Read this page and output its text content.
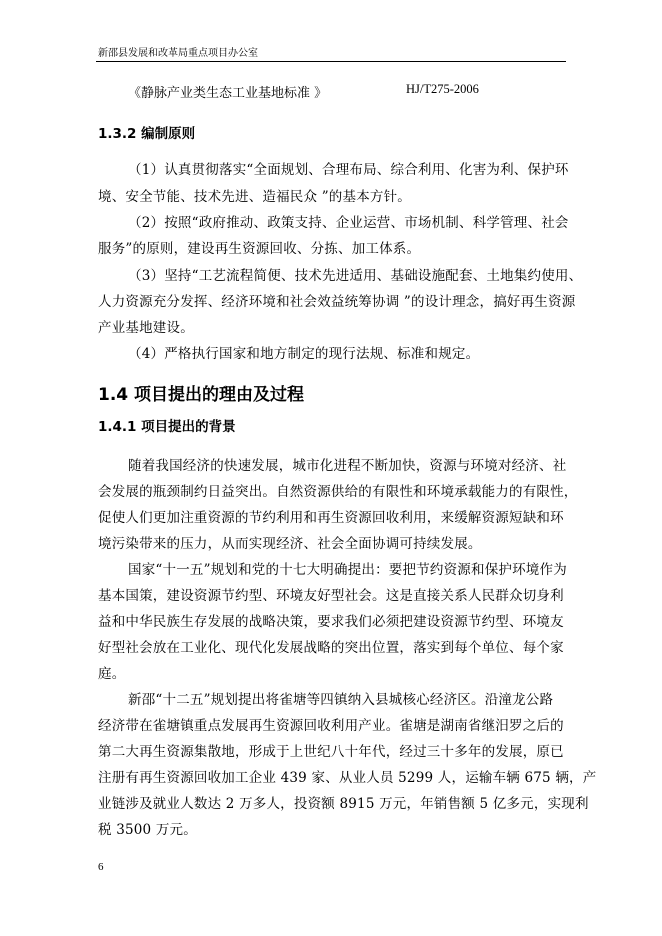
新邵县发展和改革局重点项目办公室
《静脉产业类生态工业基地标准 》	HJ/T275-2006
1.3.2 编制原则
（1）认真贯彻落实“全面规划、合理布局、综合利用、化害为利、保护环
境、安全节能、技术先进、造福民众 ”的基本方针。
（2）按照“政府推动、政策支持、企业运营、市场机制、科学管理、社会
服务”的原则，建设再生资源回收、分拣、加工体系。
（3）坚持“工艺流程简便、技术先进适用、基础设施配套、土地集约使用、
人力资源充分发挥、经济环境和社会效益统筹协调 ”的设计理念，搞好再生资源
产业基地建设。
（4）严格执行国家和地方制定的现行法规、标准和规定。
1.4 项目提出的理由及过程
1.4.1 项目提出的背景
随着我国经济的快速发展，城市化进程不断加快，资源与环境对经济、社
会发展的瓶颈制约日益突出。自然资源供给的有限性和环境承载能力的有限性，
促使人们更加注重资源的节约利用和再生资源回收利用，来缓解资源短缺和环
境污染带来的压力，从而实现经济、社会全面协调可持续发展。
国家“十一五”规划和党的十七大明确提出：要把节约资源和保护环境作为
基本国策，建设资源节约型、环境友好型社会。这是直接关系人民群众切身利
益和中华民族生存发展的战略决策，要求我们必须把建设资源节约型、环境友
好型社会放在工业化、现代化发展战略的突出位置，落实到每个单位、每个家
庭。
新邵“十二五”规划提出将雀塘等四镇纳入县城核心经济区。沿潼龙公路
经济带在雀塘镇重点发展再生资源回收利用产业。雀塘是湖南省继汨罗之后的
第二大再生资源集散地，形成于上世纪八十年代，经过三十多年的发展，原已
注册有再生资源回收加工企业 439 家、从业人员 5299 人，运输车辆 675 辆，产
业链涉及就业人数达 2 万多人，投资额 8915 万元，年销售额 5 亿多元，实现利
税 3500 万元。
6
